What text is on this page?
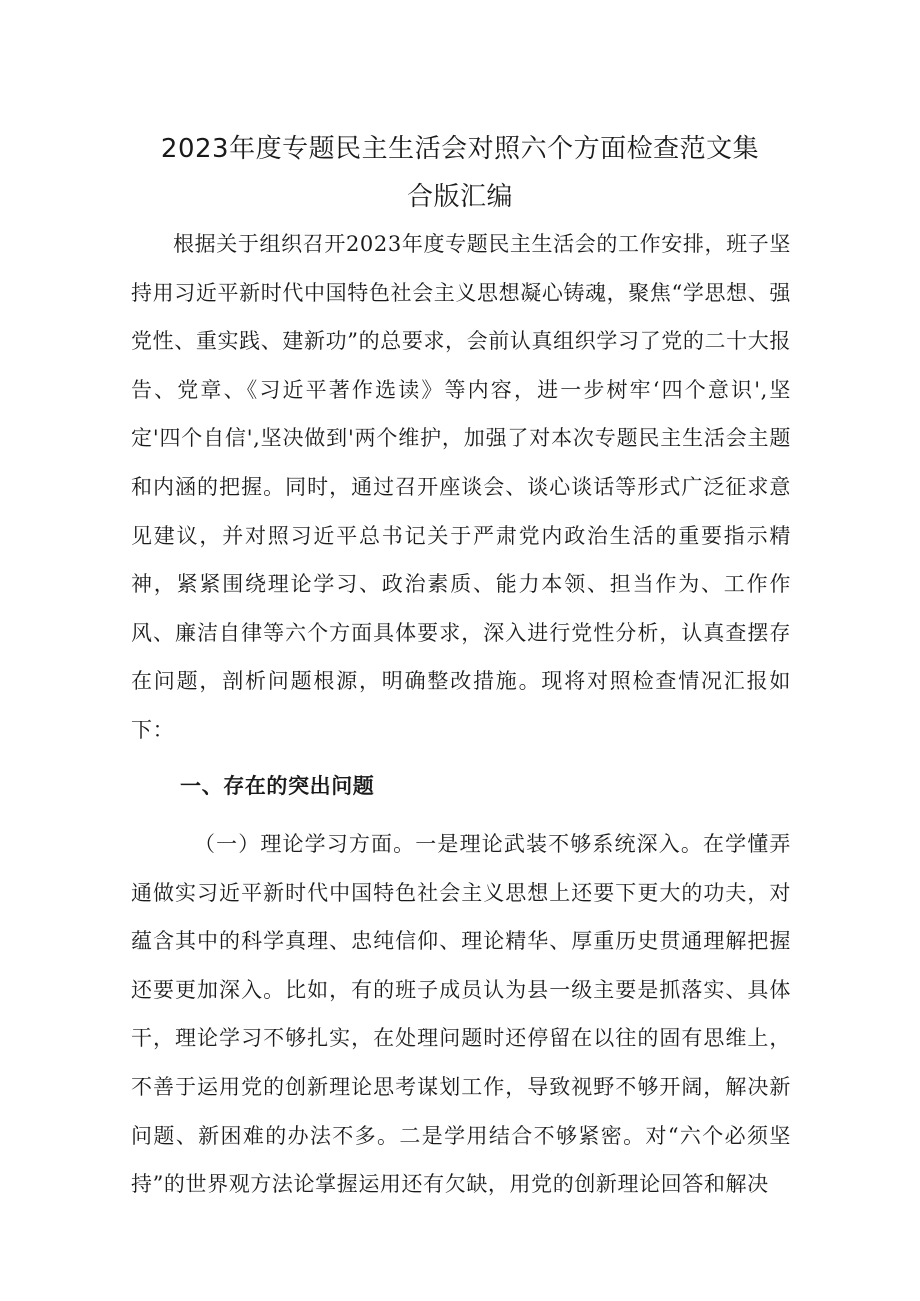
2023年度专题民主生活会对照六个方面检查范文集
合版汇编

根据关于组织召开2023年度专题民主生活会的工作安排，班子坚持用习近平新时代中国特色社会主义思想凝心铸魂，聚焦“学思想、强党性、重实践、建新功”的总要求，会前认真组织学习了党的二十大报告、党章、《习近平著作选读》等内容，进一步树牢‘四个意识',坚定'四个自信',坚决做到'两个维护，加强了对本次专题民主生活会主题和内涵的把握。同时，通过召开座谈会、谈心谈话等形式广泛征求意见建议，并对照习近平总书记关于严肃党内政治生活的重要指示精神，紧紧围绕理论学习、政治素质、能力本领、担当作为、工作作风、廉洁自律等六个方面具体要求，深入进行党性分析，认真查摆存在问题，剖析问题根源，明确整改措施。现将对照检查情况汇报如下：

一、存在的突出问题

（一）理论学习方面。一是理论武装不够系统深入。在学懂弄通做实习近平新时代中国特色社会主义思想上还要下更大的功夫，对蕴含其中的科学真理、忠纯信仰、理论精华、厚重历史贯通理解把握还要更加深入。比如，有的班子成员认为县一级主要是抓落实、具体干，理论学习不够扎实，在处理问题时还停留在以往的固有思维上，不善于运用党的创新理论思考谋划工作，导致视野不够开阔，解决新问题、新困难的办法不多。二是学用结合不够紧密。对“六个必须坚持”的世界观方法论掌握运用还有欠缺，用党的创新理论回答和解决
